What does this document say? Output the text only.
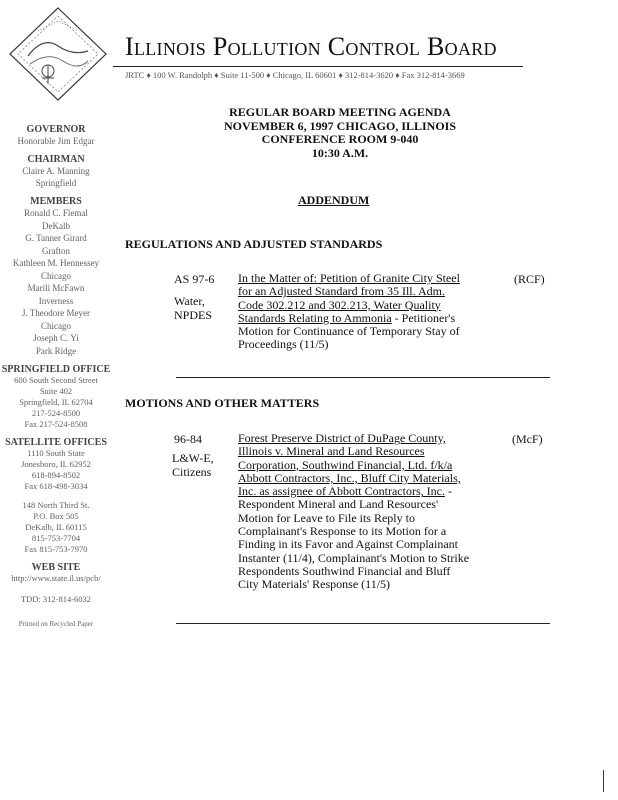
Illinois Pollution Control Board
JRTC ♦ 100 W. Randolph ♦ Suite 11-500 ♦ Chicago, IL 60601 ♦ 312-814-3620 ♦ Fax 312-814-3669
GOVERNOR
Honorable Jim Edgar
CHAIRMAN
Claire A. Manning
Springfield
MEMBERS
Ronald C. Flemal
DeKalb
G. Tanner Girard
Grafton
Kathleen M. Hennessey
Chicago
Marili McFawn
Inverness
J. Theodore Meyer
Chicago
Joseph C. Yi
Park Ridge
SPRINGFIELD OFFICE
600 South Second Street
Suite 402
Springfield, IL 62704
217-524-8500
Fax 217-524-8508
SATELLITE OFFICES
1110 South State
Jonesboro, IL 62952
618-894-8502
Fax 618-498-3034
148 North Third St.
P.O. Box 505
DeKalb, IL 60115
815-753-7704
Fax 815-753-7970
WEB SITE
http://www.state.il.us/pcb/
TDD: 312-814-6032
Printed on Recycled Paper
REGULAR BOARD MEETING AGENDA
NOVEMBER 6, 1997 CHICAGO, ILLINOIS
CONFERENCE ROOM 9-040
10:30 A.M.
ADDENDUM
REGULATIONS AND ADJUSTED STANDARDS
AS 97-6
Water,
NPDES
In the Matter of: Petition of Granite City Steel
for an Adjusted Standard from 35 Ill. Adm.
Code 302.212 and 302.213, Water Quality
Standards Relating to Ammonia - Petitioner's
Motion for Continuance of Temporary Stay of
Proceedings (11/5)
(RCF)
MOTIONS AND OTHER MATTERS
96-84
L&W-E,
Citizens
Forest Preserve District of DuPage County,
Illinois v. Mineral and Land Resources
Corporation, Southwind Financial, Ltd. f/k/a
Abbott Contractors, Inc., Bluff City Materials,
Inc. as assignee of Abbott Contractors, Inc. -
Respondent Mineral and Land Resources'
Motion for Leave to File its Reply to
Complainant's Response to its Motion for a
Finding in its Favor and Against Complainant
Instanter (11/4), Complainant's Motion to Strike
Respondents Southwind Financial and Bluff
City Materials' Response (11/5)
(McF)
